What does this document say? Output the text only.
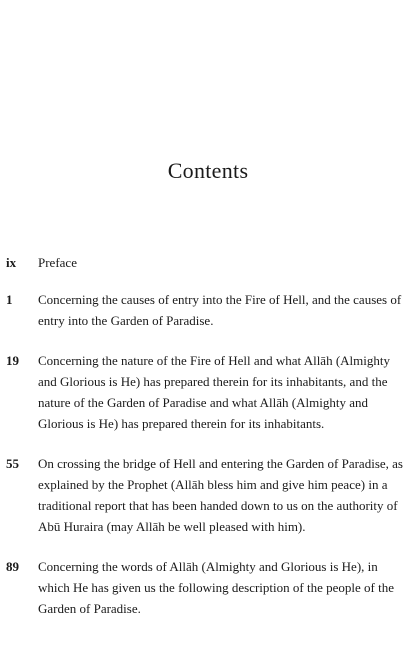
Contents
ix	Preface
1	Concerning the causes of entry into the Fire of Hell, and the causes of entry into the Garden of Paradise.
19	Concerning the nature of the Fire of Hell and what Allāh (Almighty and Glorious is He) has prepared therein for its inhabitants, and the nature of the Garden of Paradise and what Allāh (Almighty and Glorious is He) has prepared therein for its inhabitants.
55	On crossing the bridge of Hell and entering the Garden of Paradise, as explained by the Prophet (Allāh bless him and give him peace) in a traditional report that has been handed down to us on the authority of Abū Huraira (may Allāh be well pleased with him).
89	Concerning the words of Allāh (Almighty and Glorious is He), in which He has given us the following description of the people of the Garden of Paradise.
